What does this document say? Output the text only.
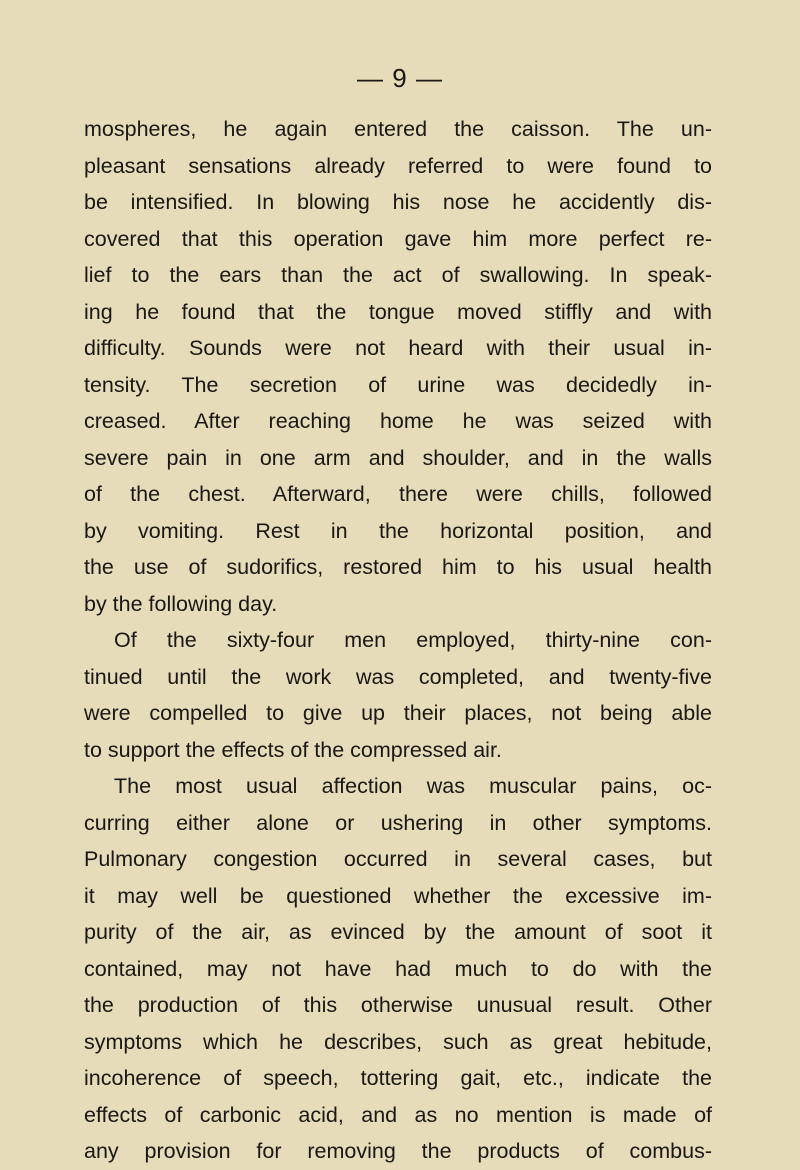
— 9 —
mospheres, he again entered the caisson. The un-
pleasant sensations already referred to were found to
be intensified. In blowing his nose he accidently dis-
covered that this operation gave him more perfect re-
lief to the ears than the act of swallowing. In speak-
ing he found that the tongue moved stiffly and with
difficulty. Sounds were not heard with their usual in-
tensity. The secretion of urine was decidedly in-
creased. After reaching home he was seized with
severe pain in one arm and shoulder, and in the walls
of the chest. Afterward, there were chills, followed
by vomiting. Rest in the horizontal position, and
the use of sudorifics, restored him to his usual health
by the following day.
Of the sixty-four men employed, thirty-nine con-
tinued until the work was completed, and twenty-five
were compelled to give up their places, not being able
to support the effects of the compressed air.
The most usual affection was muscular pains, oc-
curring either alone or ushering in other symptoms.
Pulmonary congestion occurred in several cases, but
it may well be questioned whether the excessive im-
purity of the air, as evinced by the amount of soot it
contained, may not have had much to do with the
the production of this otherwise unusual result. Other
symptoms which he describes, such as great hebitude,
incoherence of speech, tottering gait, etc., indicate the
effects of carbonic acid, and as no mention is made of
any provision for removing the products of combus-
